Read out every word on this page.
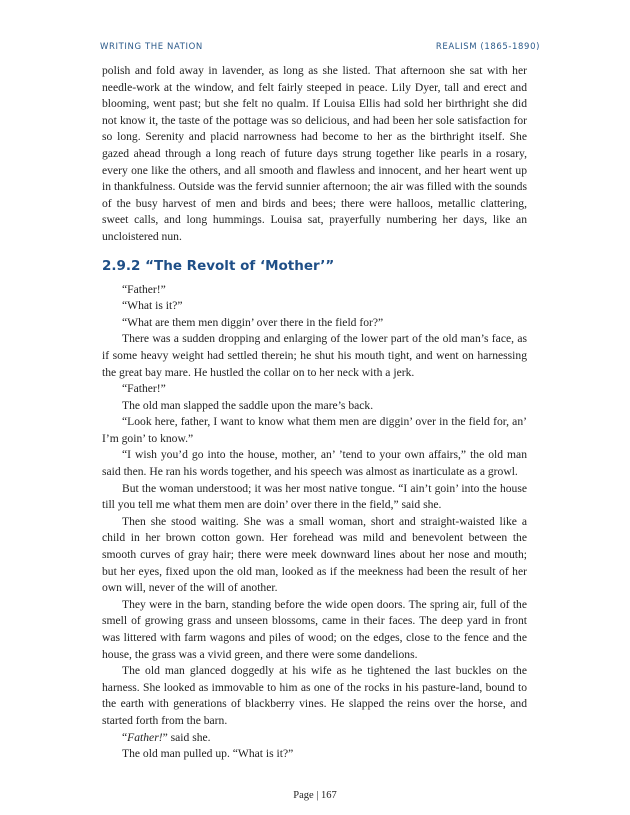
WRITING THE NATION	REALISM (1865-1890)

polish and fold away in lavender, as long as she listed. That afternoon she sat with her needle-work at the window, and felt fairly steeped in peace. Lily Dyer, tall and erect and blooming, went past; but she felt no qualm. If Louisa Ellis had sold her birthright she did not know it, the taste of the pottage was so delicious, and had been her sole satisfaction for so long. Serenity and placid narrowness had become to her as the birthright itself. She gazed ahead through a long reach of future days strung together like pearls in a rosary, every one like the others, and all smooth and flawless and innocent, and her heart went up in thankfulness. Outside was the fervid sunnier afternoon; the air was filled with the sounds of the busy harvest of men and birds and bees; there were halloos, metallic clattering, sweet calls, and long hummings. Louisa sat, prayerfully numbering her days, like an uncloistered nun.

2.9.2 “The Revolt of ‘Mother’”

“Father!”

“What is it?”

“What are them men diggin’ over there in the field for?”

There was a sudden dropping and enlarging of the lower part of the old man’s face, as if some heavy weight had settled therein; he shut his mouth tight, and went on harnessing the great bay mare. He hustled the collar on to her neck with a jerk.

“Father!”

The old man slapped the saddle upon the mare’s back.

“Look here, father, I want to know what them men are diggin’ over in the field for, an’ I’m goin’ to know.”

“I wish you’d go into the house, mother, an’ ’tend to your own affairs,” the old man said then. He ran his words together, and his speech was almost as inarticulate as a growl.

But the woman understood; it was her most native tongue. “I ain’t goin’ into the house till you tell me what them men are doin’ over there in the field,” said she.

Then she stood waiting. She was a small woman, short and straight-waisted like a child in her brown cotton gown. Her forehead was mild and benevolent between the smooth curves of gray hair; there were meek downward lines about her nose and mouth; but her eyes, fixed upon the old man, looked as if the meekness had been the result of her own will, never of the will of another.

They were in the barn, standing before the wide open doors. The spring air, full of the smell of growing grass and unseen blossoms, came in their faces. The deep yard in front was littered with farm wagons and piles of wood; on the edges, close to the fence and the house, the grass was a vivid green, and there were some dandelions.

The old man glanced doggedly at his wife as he tightened the last buckles on the harness. She looked as immovable to him as one of the rocks in his pasture-land, bound to the earth with generations of blackberry vines. He slapped the reins over the horse, and started forth from the barn.

“Father!” said she.

The old man pulled up. “What is it?”

Page | 167
